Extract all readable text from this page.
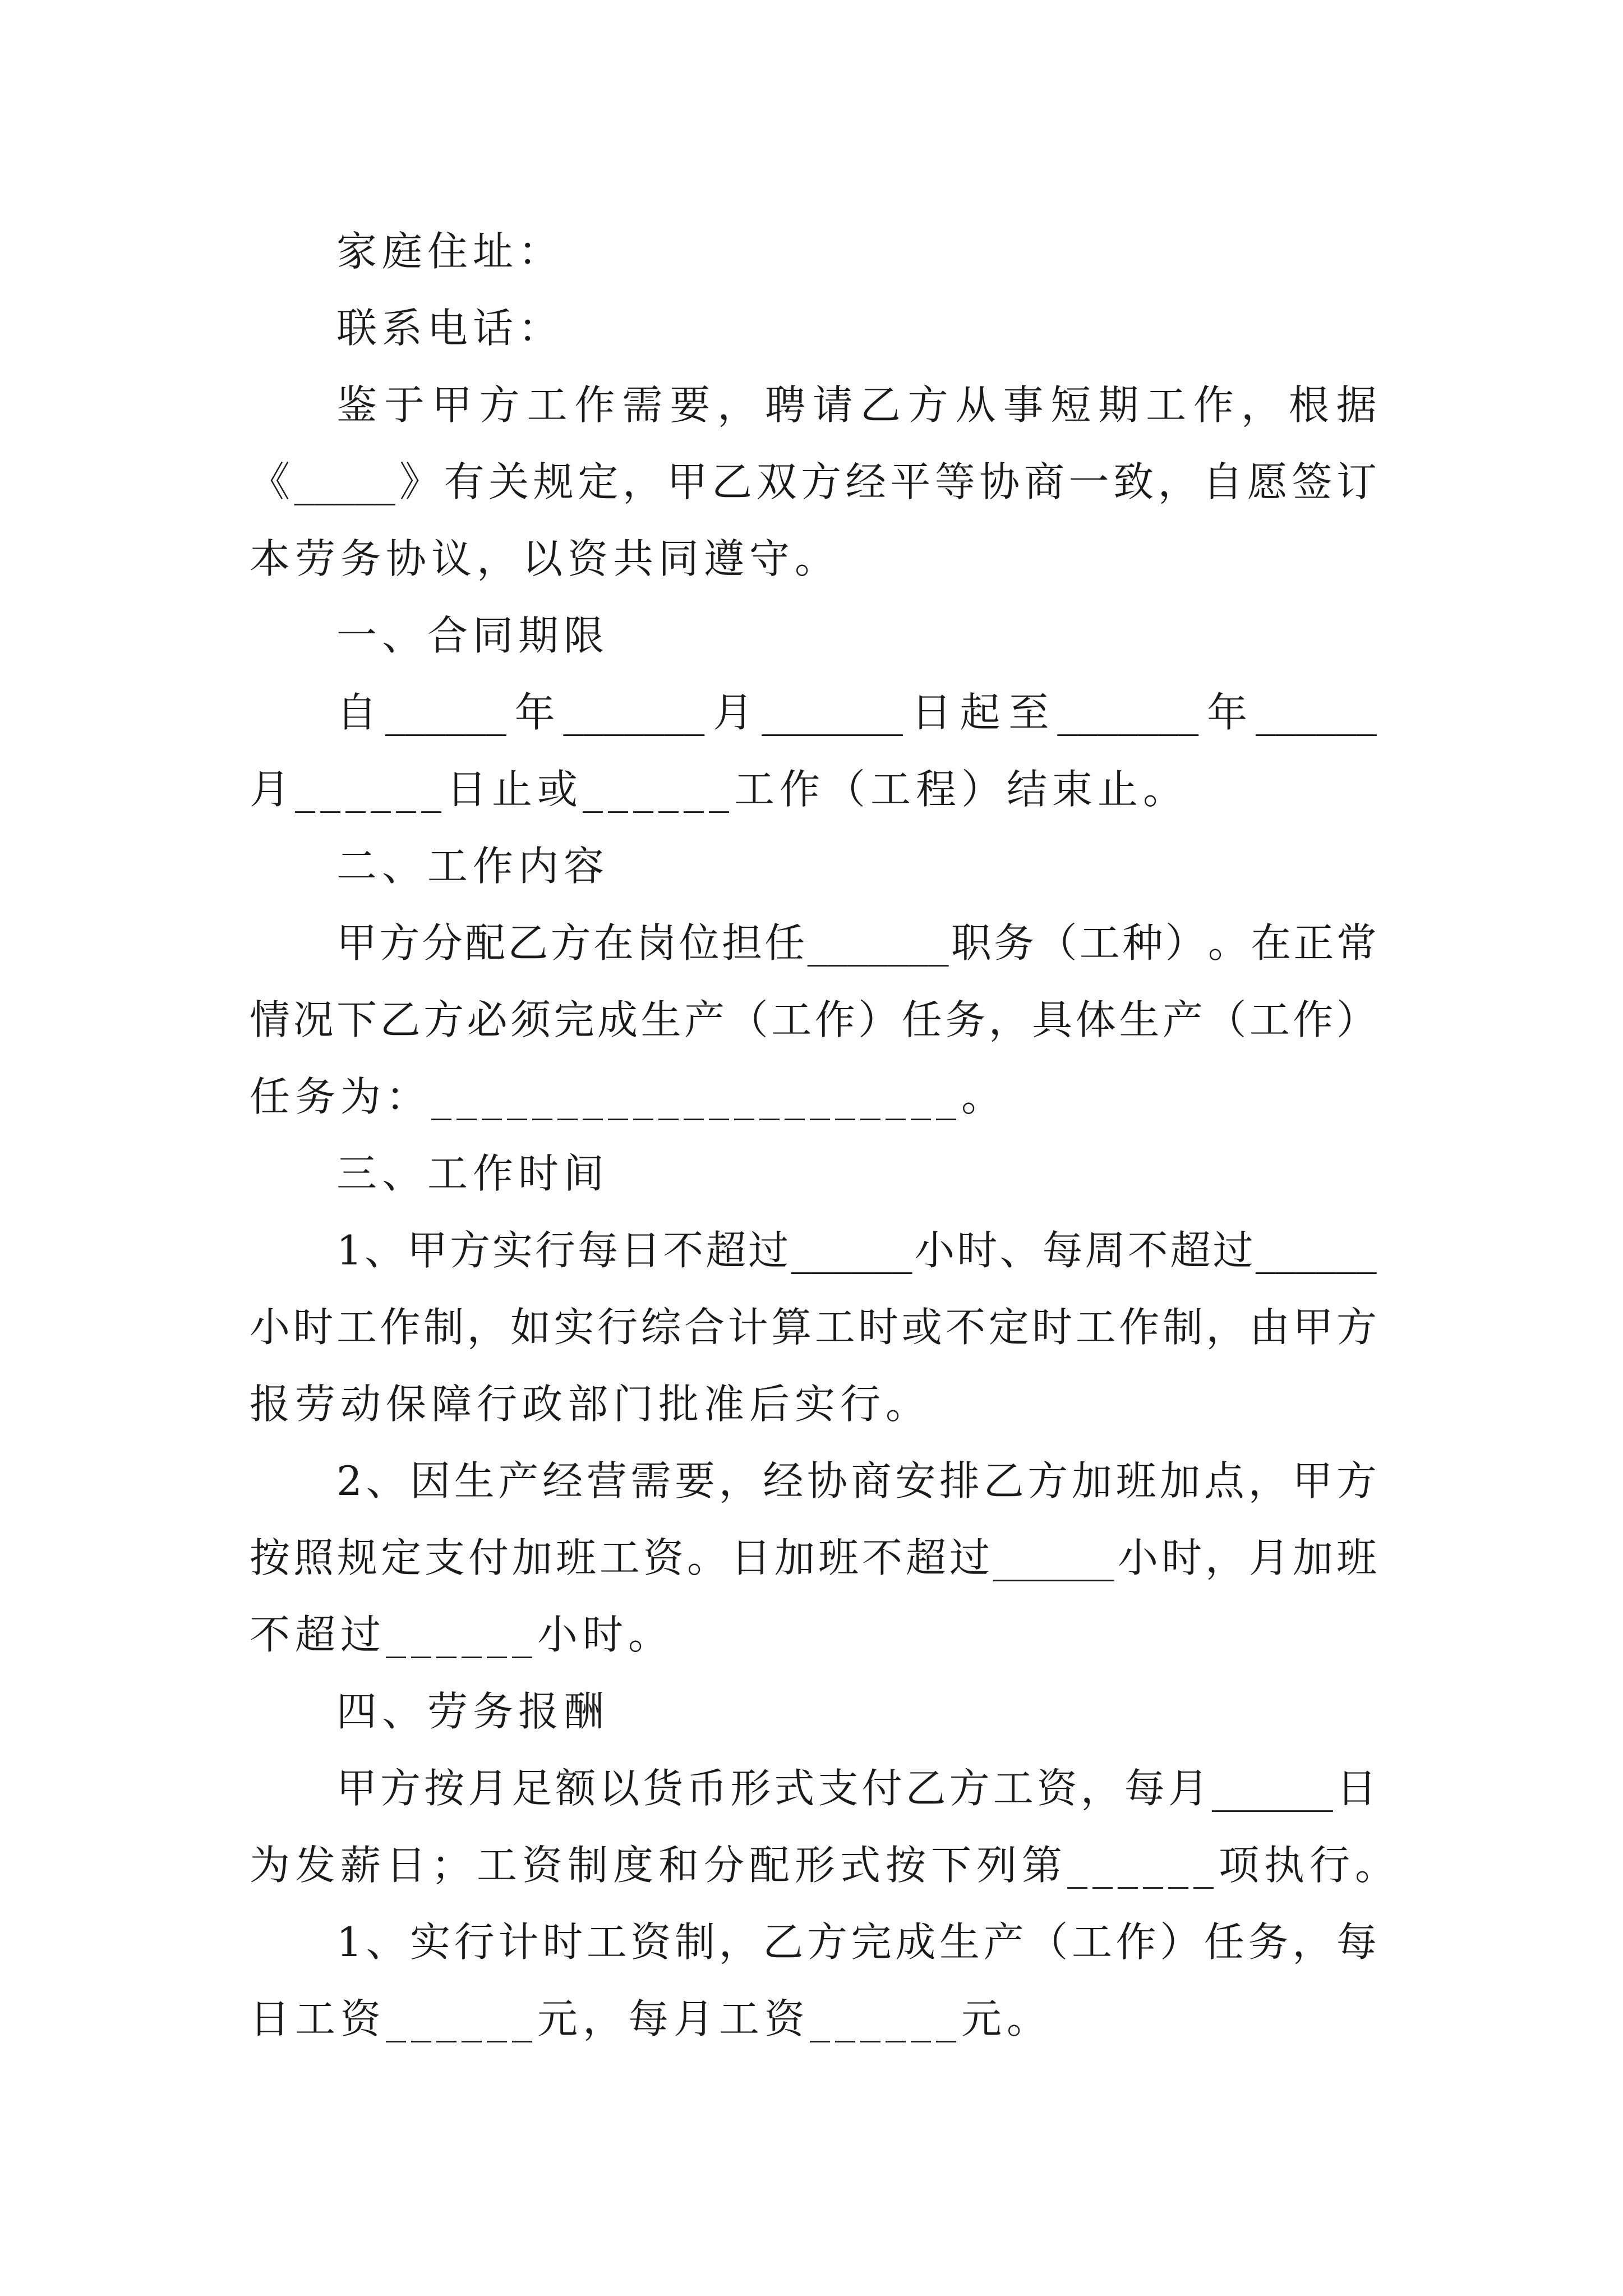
家庭住址：
联系电话：
鉴 于 甲 方 工 作 需 要 ， 聘 请 乙 方 从 事 短 期 工 作 ， 根 据
《 _____ 》 有 关 规 定 ， 甲 乙 双 方 经 平 等 协 商 一 致 ， 自 愿 签 订
本劳务协议，以资共同遵守。
一、合同期限
自 ______ 年 _______ 月 _______ 日 起 至 _______ 年 ______
月______日止或______工作（工程）结束止。
二、工作内容
甲 方 分 配 乙 方 在 岗 位 担 任 _______ 职 务 （ 工 种 ） 。 在 正 常
情 况 下 乙 方 必 须 完 成 生 产 （ 工 作 ） 任 务 ， 具 体 生 产 （ 工 作 ）
任务为：_____________________。
三、工作时间
1 、 甲 方 实 行 每 日 不 超 过 ______ 小 时 、 每 周 不 超 过 ______
小 时 工 作 制 ， 如 实 行 综 合 计 算 工 时 或 不 定 时 工 作 制 ， 由 甲 方
报劳动保障行政部门批准后实行。
2 、 因 生 产 经 营 需 要 ， 经 协 商 安 排 乙 方 加 班 加 点 ， 甲 方
按 照 规 定 支 付 加 班 工 资 。 日 加 班 不 超 过 ______ 小 时 ， 月 加 班
不超过______小时。
四、劳务报酬
甲 方 按 月 足 额 以 货 币 形 式 支 付 乙 方 工 资 ， 每 月 ______ 日
为发薪日；工资制度和分配形式按下列第______项执行。
1 、 实 行 计 时 工 资 制 ， 乙 方 完 成 生 产 （ 工 作 ） 任 务 ， 每
日工资______元，每月工资______元。
